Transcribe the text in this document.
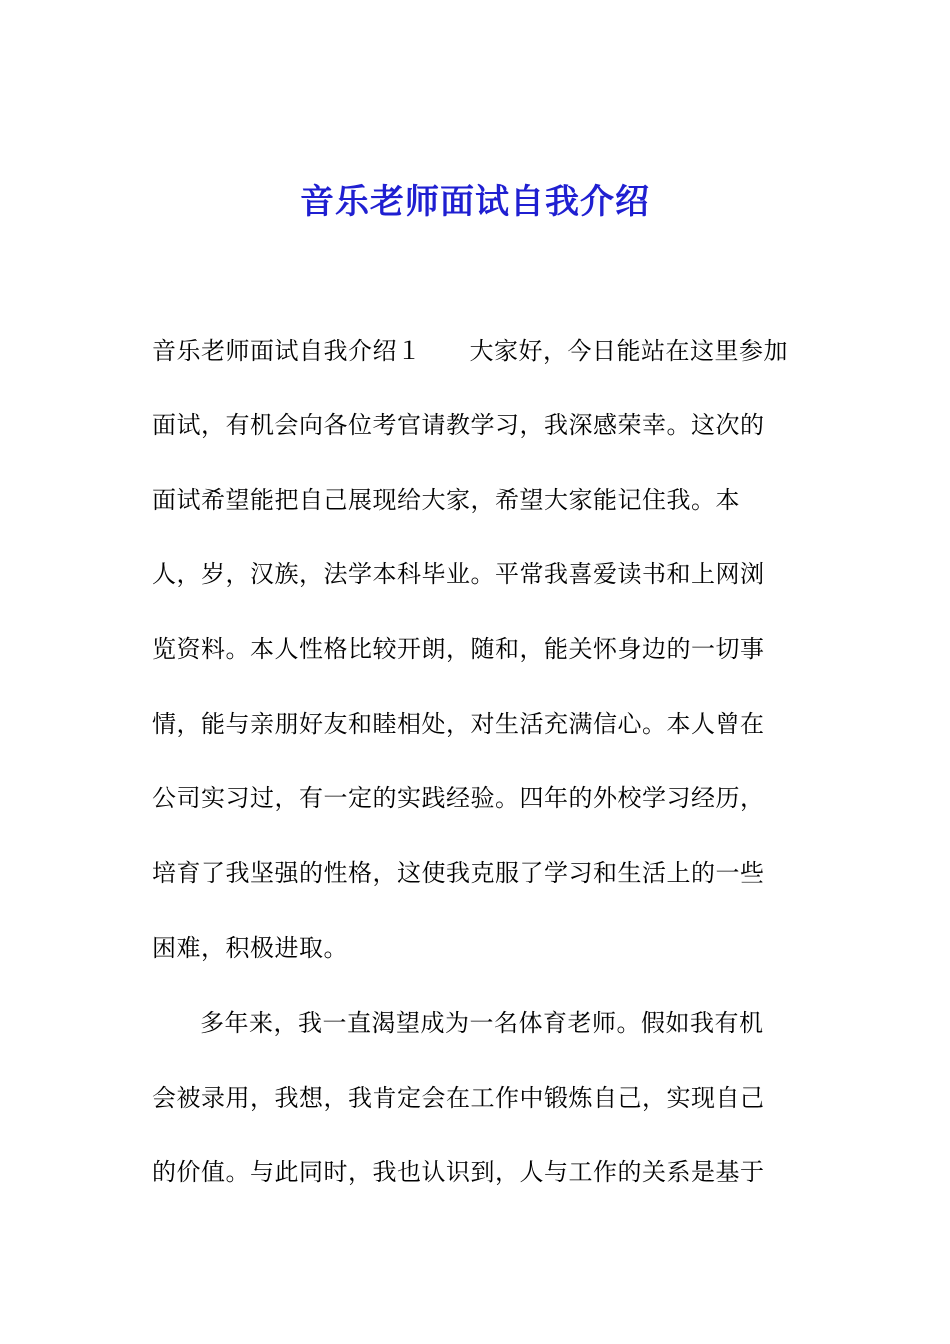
音乐老师面试自我介绍
音乐老师面试自我介绍１ 大家好，今日能站在这里参加
面试，有机会向各位考官请教学习，我深感荣幸。这次的
面试希望能把自己展现给大家，希望大家能记住我。本
人，岁，汉族，法学本科毕业。平常我喜爱读书和上网浏
览资料。本人性格比较开朗，随和，能关怀身边的一切事
情，能与亲朋好友和睦相处，对生活充满信心。本人曾在
公司实习过，有一定的实践经验。四年的外校学习经历，
培育了我坚强的性格，这使我克服了学习和生活上的一些
困难，积极进取。
多年来，我一直渴望成为一名体育老师。假如我有机
会被录用，我想，我肯定会在工作中锻炼自己，实现自己
的价值。与此同时，我也认识到，人与工作的关系是基于
